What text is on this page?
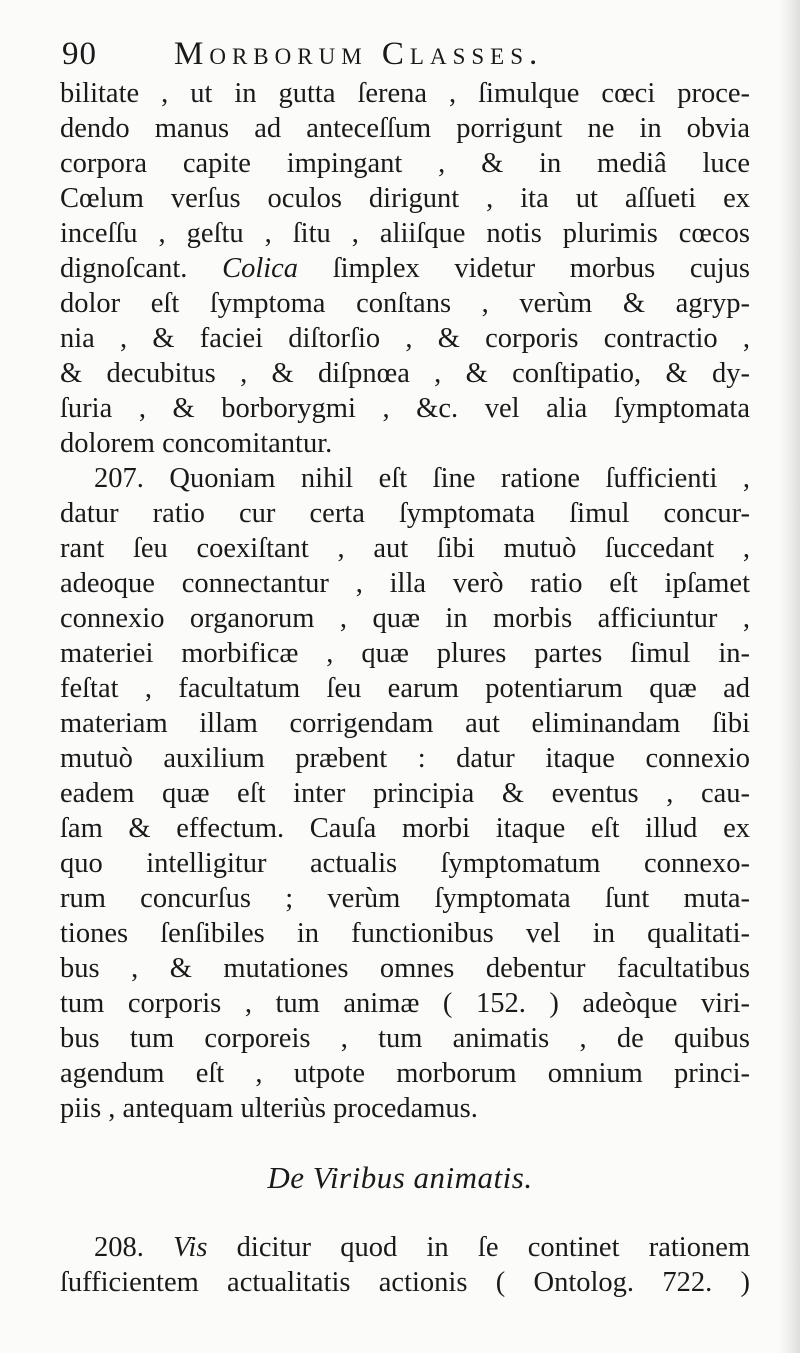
90 Morborum Classes.
bilitate , ut in gutta ſerena , ſimulque cœci proce-
dendo manus ad anteceſſum porrigunt ne in obvia
corpora capite impingant , & in mediâ luce
Cœlum verſus oculos dirigunt , ita ut aſſueti ex
inceſſu , geſtu , ſitu , aliiſque notis plurimis cœcos
dignoſcant. Colica ſimplex videtur morbus cujus
dolor eſt ſymptoma conſtans , verùm & agryp-
nia , & faciei diſtorſio , & corporis contractio ,
& decubitus , & diſpnœa , & conſtipatio, & dy-
ſuria , & borborygmi , &c. vel alia ſymptomata
dolorem concomitantur.
207. Quoniam nihil eſt ſine ratione ſufficienti ,
datur ratio cur certa ſymptomata ſimul concur-
rant ſeu coexiſtant , aut ſibi mutuò ſuccedant ,
adeoque connectantur , illa verò ratio eſt ipſamet
connexio organorum , quæ in morbis afficiuntur ,
materiei morbificæ , quæ plures partes ſimul in-
feſtat , facultatum ſeu earum potentiarum quæ ad
materiam illam corrigendam aut eliminandam ſibi
mutuò auxilium præbent : datur itaque connexio
eadem quæ eſt inter principia & eventus , cau-
ſam & effectum. Cauſa morbi itaque eſt illud ex
quo intelligitur actualis ſymptomatum connexo-
rum concurſus ; verùm ſymptomata ſunt muta-
tiones ſenſibiles in functionibus vel in qualitati-
bus , & mutationes omnes debentur facultatibus
tum corporis , tum animæ ( 152. ) adeòque viri-
bus tum corporeis , tum animatis , de quibus
agendum eſt , utpote morborum omnium princi-
piis , antequam ulteriùs procedamus.
De Viribus animatis.
208. Vis dicitur quod in ſe continet rationem
ſufficientem actualitatis actionis ( Ontolog. 722. )
